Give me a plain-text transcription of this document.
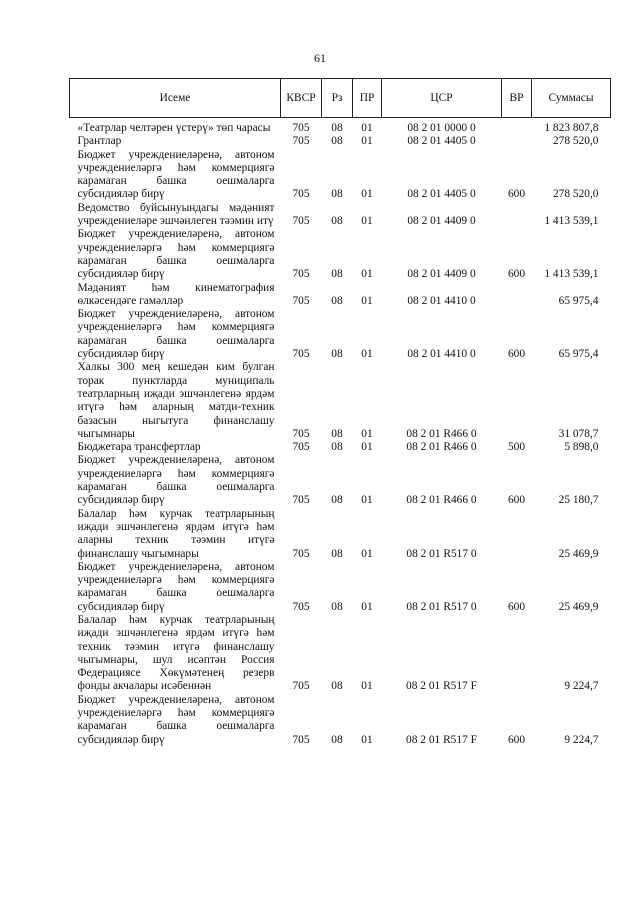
61
Исеме	КВСР	Рз	ПР	ЦСР	ВР	Суммасы
«Театрлар челтәрен үстерү» төп чарасы	705	08	01	08 2 01 0000 0		1 823 807,8
Грантлар	705	08	01	08 2 01 4405 0		278 520,0
Бюджет учреждениеләренә, автоном учреждениеләргә һәм коммерциягә карамаган башка оешмаларга субсидияләр бирү	705	08	01	08 2 01 4405 0	600	278 520,0
Ведомство буйсынуындагы мәдәният учреждениеләре эшчәнлеген тәэмин итү	705	08	01	08 2 01 4409 0		1 413 539,1
Бюджет учреждениеләренә, автоном учреждениеләргә һәм коммерциягә карамаган башка оешмаларга субсидияләр бирү	705	08	01	08 2 01 4409 0	600	1 413 539,1
Мәдәният һәм кинематография өлкәсендәге гамәлләр	705	08	01	08 2 01 4410 0		65 975,4
Бюджет учреждениеләренә, автоном учреждениеләргә һәм коммерциягә карамаган башка оешмаларга субсидияләр бирү	705	08	01	08 2 01 4410 0	600	65 975,4
Халкы 300 мең кешедән ким булган торак пунктларда муниципаль театрларның иҗади эшчәнлегенә ярдәм итүгә һәм аларның матди-техник базасын ныгытуга финанслашу чыгымнары	705	08	01	08 2 01 R466 0		31 078,7
Бюджетара трансфертлар	705	08	01	08 2 01 R466 0	500	5 898,0
Бюджет учреждениеләренә, автоном учреждениеләргә һәм коммерциягә карамаган башка оешмаларга субсидияләр бирү	705	08	01	08 2 01 R466 0	600	25 180,7
Балалар һәм курчак театрларының иҗади эшчәнлегенә ярдәм итүгә һәм аларны техник тәэмин итүгә финанслашу чыгымнары	705	08	01	08 2 01 R517 0		25 469,9
Бюджет учреждениеләренә, автоном учреждениеләргә һәм коммерциягә карамаган башка оешмаларга субсидияләр бирү	705	08	01	08 2 01 R517 0	600	25 469,9
Балалар һәм курчак театрларының иҗади эшчәнлегенә ярдәм итүгә һәм техник тәэмин итүгә финанслашу чыгымнары, шул исәптән Россия Федерациясе Хөкүмәтенең резерв фонды акчалары исәбеннән	705	08	01	08 2 01 R517 F		9 224,7
Бюджет учреждениеләренә, автоном учреждениеләргә һәм коммерциягә карамаган башка оешмаларга субсидияләр бирү	705	08	01	08 2 01 R517 F	600	9 224,7
